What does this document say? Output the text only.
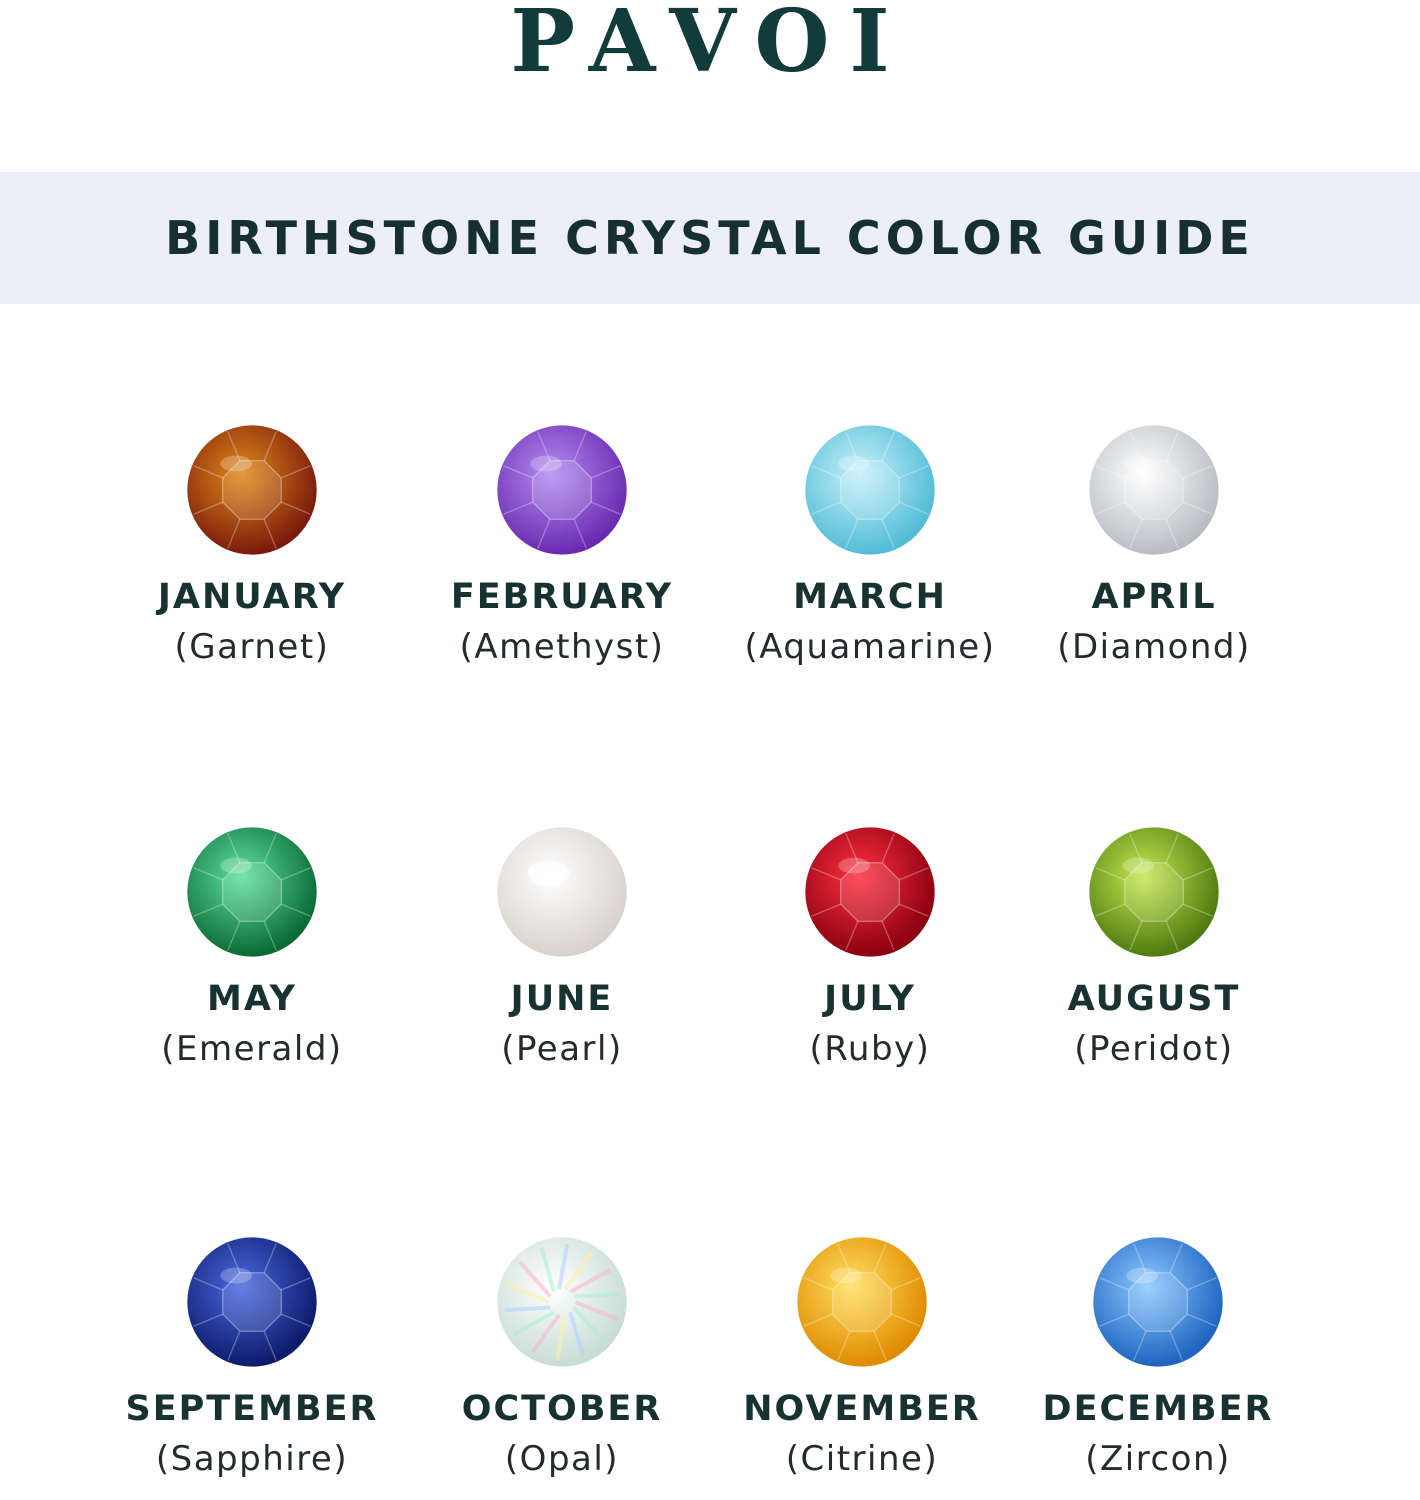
PAVOI
BIRTHSTONE CRYSTAL COLOR GUIDE
JANUARY
(Garnet)
FEBRUARY
(Amethyst)
MARCH
(Aquamarine)
APRIL
(Diamond)
MAY
(Emerald)
JUNE
(Pearl)
JULY
(Ruby)
AUGUST
(Peridot)
SEPTEMBER
(Sapphire)
OCTOBER
(Opal)
NOVEMBER
(Citrine)
DECEMBER
(Zircon)
